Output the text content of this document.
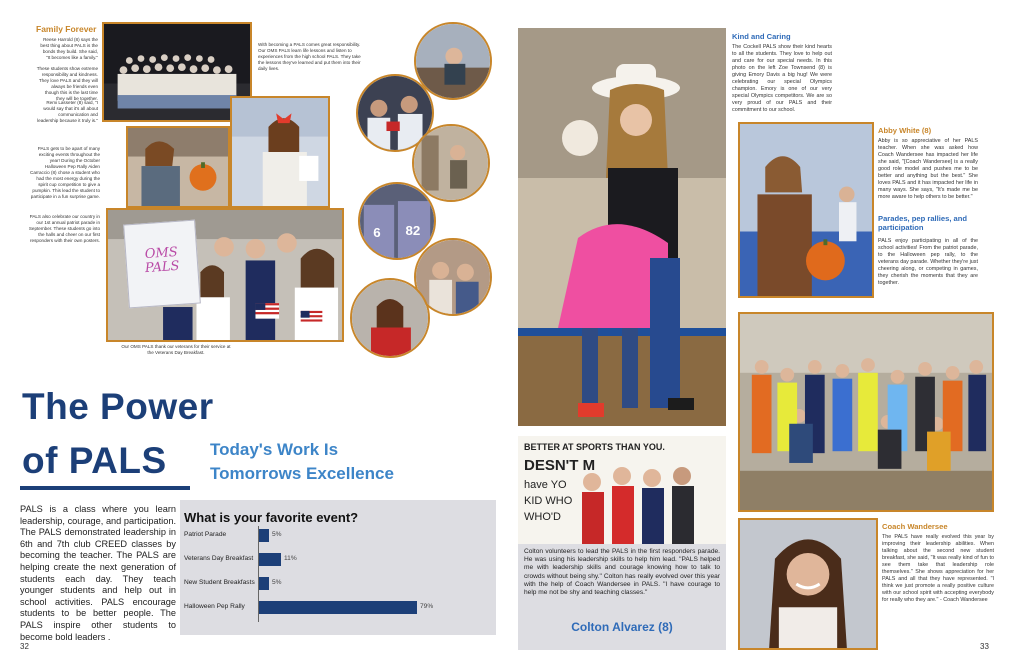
Family Forever
Reese Harrold (8) says the best thing about PALS is the bonds they build. She said, "It becomes like a family."
These students show extreme responsibility and kindness. They love PALS and they will always be friends even though this is the last time they will be together.
Remi Lasseter (8) said, "I would say that it's all about communication and leadership because it truly is."
PALS gets to be apart of many exciting events throughout the year! During the October Halloween Pep Rally Aiden Carraccio (8) chose a student who had the most energy during the spirit cup competition to give a pumpkin. This lead the student to participate in a fun surprise game.
PALS also celebrate our country in our 1st annual patriot parade in September. These students go into the halls and cheer on our first responders with their own posters.
With becoming a PALS comes great responsibility. Our OMS PALS learn life lessons and listen to experiences from the high school PALS. They take the lessons they've learned and put them into their daily lives.
OMS PALS
Our OMS PALS thank our veterans for their service at the Veterans Day Breakfast.
6 82
The Power
of PALS	Today's Work Is
Tomorrows Excellence
PALS is a class where you learn leadership, courage, and participation. The PALS demonstrated leadership in 6th and 7th club CREED classes by becoming the teacher. The PALS are helping create the next generation of students each day. They teach younger students and help out in school activities. PALS encourage students to be better people. The PALS inspire other students to become bold leaders .
What is your favorite event?
Patriot Parade	5%
Veterans Day Breakfast	11%
New Student Breakfasts	5%
Halloween Pep Rally	79%
32
Kind and Caring
The Cockell PALS show their kind hearts to all the students. They love to help out and care for our special needs. In this photo on the left Zoe Townsend (8) is giving Emory Davis a big hug! We were celebrating our special Olympics champion. Emory is one of our very special Olympics competitors. We are so very proud of our PALS and their commitment to our school.
Abby White (8)
Abby is so appreciative of her PALS teacher. When she was asked how Coach Wandersee has impacted her life she said, "[Coach Wandersee] is a really good role model and pushes me to be better and anything but the best." She loves PALS and it has impacted her life in many ways. She says, "It's made me be more aware to help others to be better."
Parades, pep rallies, and participation
PALS enjoy participating in all of the school activities! From the patriot parade, to the Halloween pep rally, to the veterans day parade. Whether they're just cheering along, or competing in games, they cherish the moments that they are together.
BETTER AT SPORTS THAN YOU.
DESN'T M
have YO
KID WHO
WHO'D
Colton volunteers to lead the PALS in the first responders parade. He was using his leadership skills to help him lead. "PALS helped me with leadership skills and courage knowing how to talk to crowds without being shy." Colton has really evolved over this year with the help of Coach Wandersee in PALS. "I have courage to help me not be shy and teaching classes."
Colton Alvarez (8)
Coach Wandersee
The PALS have really evolved this year by improving their leadership abilities. When talking about the second new student breakfast, she said, "It was really kind of fun to see them take that leadership role themselves." She shows appreciation for her PALS and all that they have represented. "I think we just promote a really positive culture with our school spirit with accepting everybody for really who they are." - Coach Wandersee
33
